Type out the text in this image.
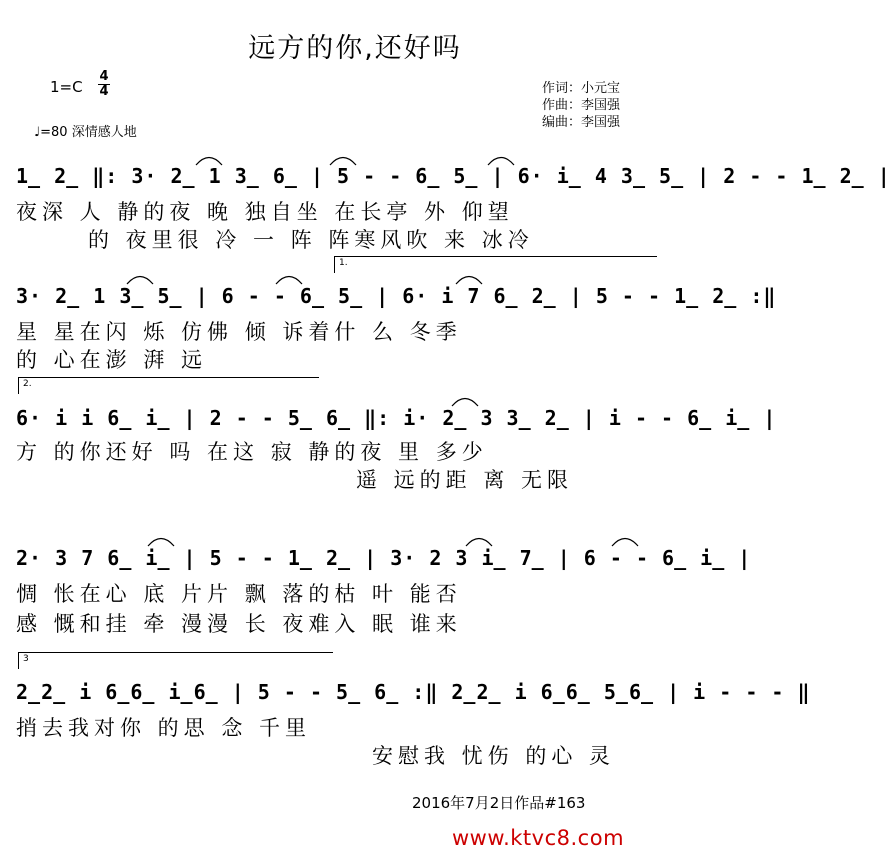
远方的你,还好吗
1=C
4
4
♩=80 深情感人地
作词：小元宝
作曲：李国强
编曲：李国强
1̲ 2̲ ‖: 3· 2̲ 1 3̲ 6̲ | 5 - - 6̲ 5̲ | 6· i̲ 4 3̲ 5̲ | 2 - - 1̲ 2̲ |
夜深 人 静的夜 晚 独自坐 在长亭 外 仰望
的 夜里很 冷 一 阵 阵寒风吹 来 冰冷
1.
3· 2̲ 1 3̲ 5̲ | 6 - - 6̲ 5̲ | 6· i 7 6̲ 2̲ | 5 - - 1̲ 2̲ :‖
星 星在闪 烁 仿佛 倾 诉着什 么 冬季
的 心在澎 湃 远
2.
6· i i 6̲ i̲ | 2 - - 5̲ 6̲ ‖: i· 2̲ 3 3̲ 2̲ | i - - 6̲ i̲ |
方 的你还好 吗 在这 寂 静的夜 里 多少
遥 远的距 离 无限
2· 3 7 6̲ i̲ | 5 - - 1̲ 2̲ | 3· 2 3 i̲ 7̲ | 6 - - 6̲ i̲ |
惆 怅在心 底 片片 飘 落的枯 叶 能否
感 慨和挂 牵 漫漫 长 夜难入 眠 谁来
3
2̲2̲ i 6̲6̲ i̲6̲ | 5 - - 5̲ 6̲ :‖ 2̲2̲ i 6̲6̲ 5̲6̲ | i - - - ‖
捎去我对你 的思 念 千里
安慰我 忧伤 的心 灵
2016年7月2日作品#163
www.ktvc8.com
